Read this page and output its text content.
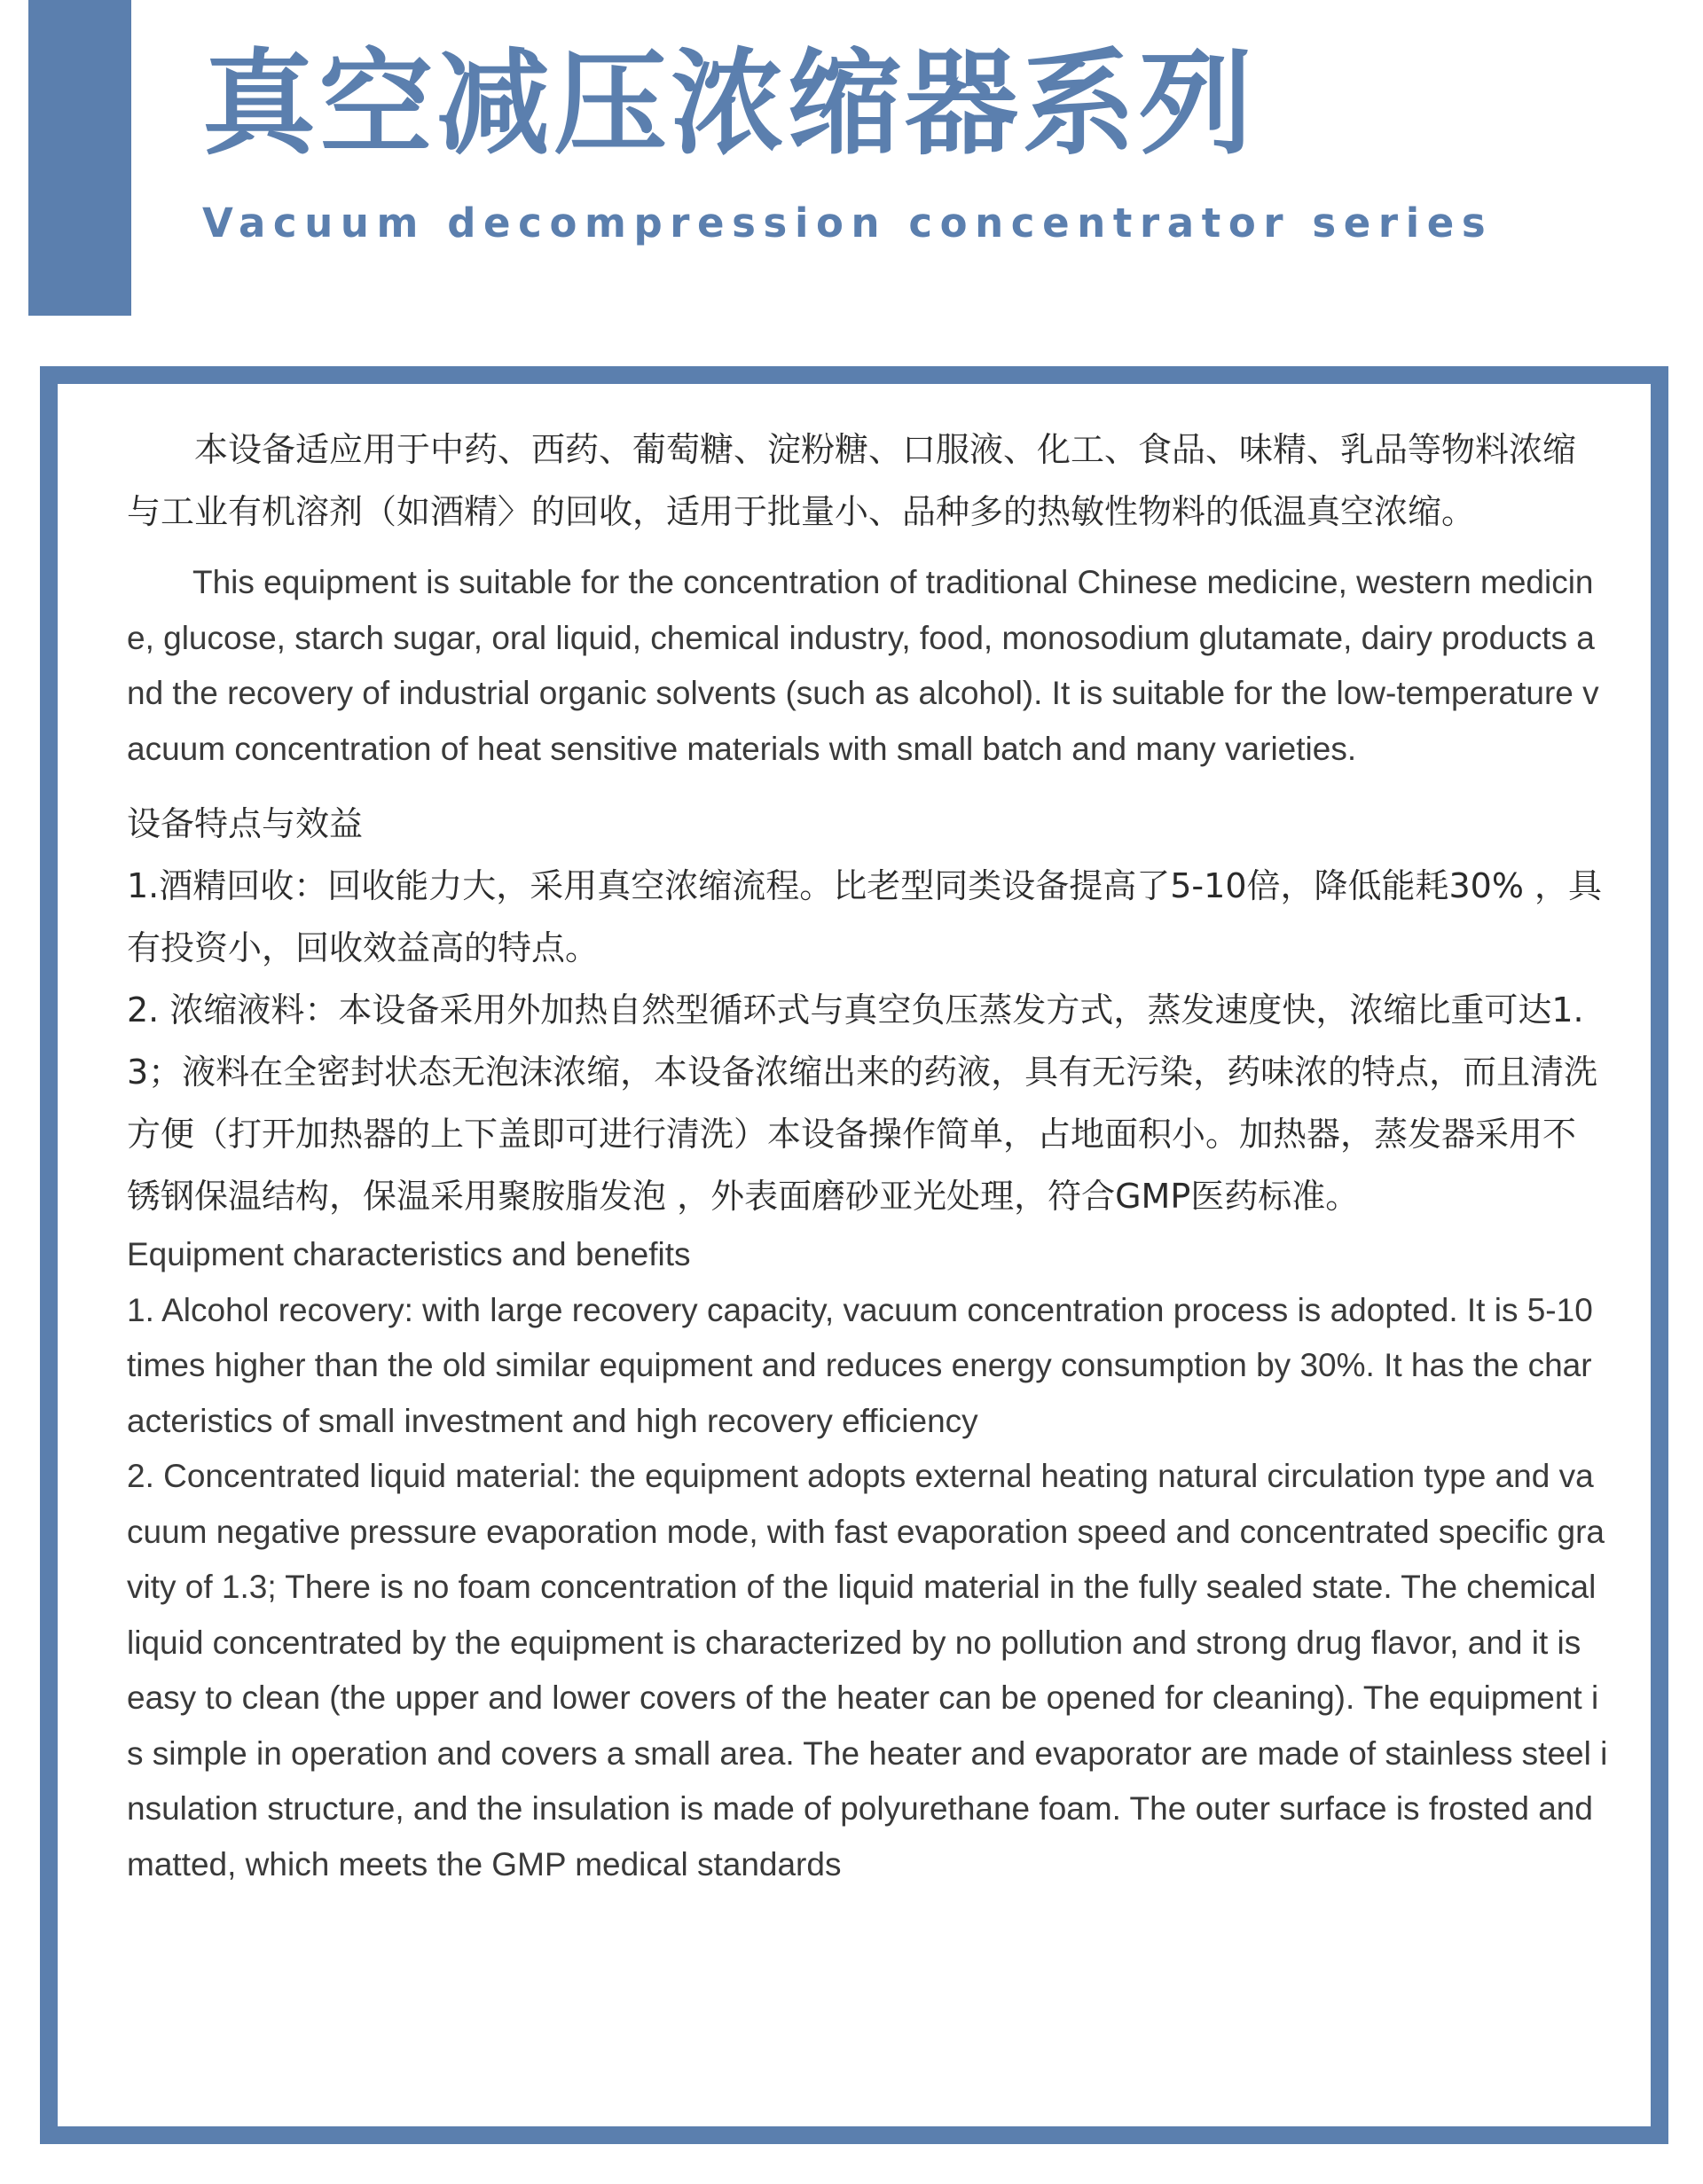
真空减压浓缩器系列
Vacuum decompression concentrator series

本设备适应用于中药、西药、葡萄糖、淀粉糖、口服液、化工、食品、味精、乳品等物料浓缩与工业有机溶剂（如酒精〉的回收，适用于批量小、品种多的热敏性物料的低温真空浓缩。

This equipment is suitable for the concentration of traditional Chinese medicine, western medicine, glucose, starch sugar, oral liquid, chemical industry, food, monosodium glutamate, dairy products and the recovery of industrial organic solvents (such as alcohol). It is suitable for the low-temperature vacuum concentration of heat sensitive materials with small batch and many varieties.

设备特点与效益

1.酒精回收：回收能力大，采用真空浓缩流程。比老型同类设备提高了5-10倍，降低能耗30% ，具有投资小，回收效益高的特点。

2. 浓缩液料：本设备采用外加热自然型循环式与真空负压蒸发方式，蒸发速度快，浓缩比重可达1.3；液料在全密封状态无泡沫浓缩，本设备浓缩出来的药液，具有无污染，药味浓的特点，而且清洗方便（打开加热器的上下盖即可进行清洗）本设备操作简单，占地面积小。加热器，蒸发器采用不锈钢保温结构，保温采用聚胺脂发泡 ，外表面磨砂亚光处理，符合GMP医药标准。

Equipment characteristics and benefits

1. Alcohol recovery: with large recovery capacity, vacuum concentration process is adopted. It is 5-10 times higher than the old similar equipment and reduces energy consumption by 30%. It has the characteristics of small investment and high recovery efficiency

2. Concentrated liquid material: the equipment adopts external heating natural circulation type and vacuum negative pressure evaporation mode, with fast evaporation speed and concentrated specific gravity of 1.3; There is no foam concentration of the liquid material in the fully sealed state. The chemical liquid concentrated by the equipment is characterized by no pollution and strong drug flavor, and it is easy to clean (the upper and lower covers of the heater can be opened for cleaning). The equipment is simple in operation and covers a small area. The heater and evaporator are made of stainless steel insulation structure, and the insulation is made of polyurethane foam. The outer surface is frosted and matted, which meets the GMP medical standards
